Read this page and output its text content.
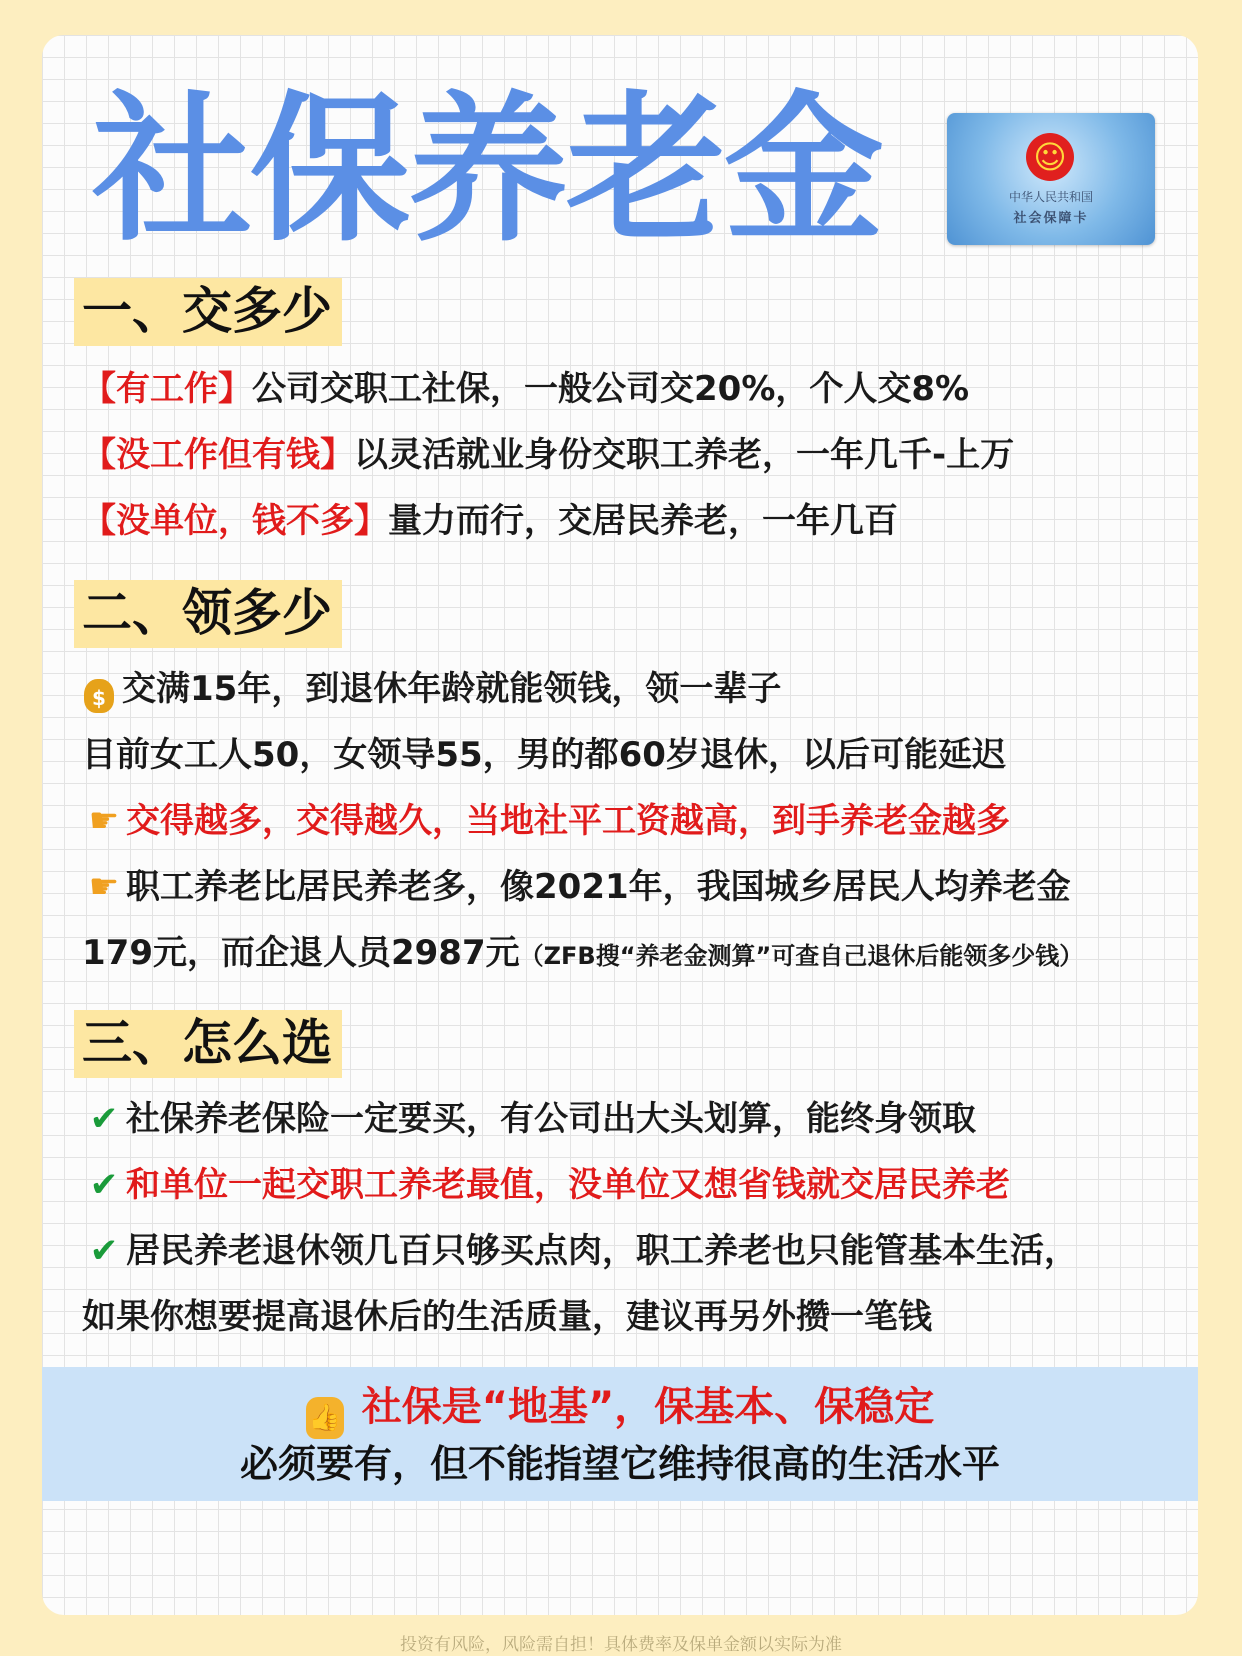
社保养老金	☺
中华人民共和国
社会保障卡
一、交多少
【有工作】公司交职工社保，一般公司交20%，个人交8%
【没工作但有钱】以灵活就业身份交职工养老，一年几千-上万
【没单位，钱不多】量力而行，交居民养老，一年几百
二、领多少
$ 交满15年，到退休年龄就能领钱，领一辈子
目前女工人50，女领导55，男的都60岁退休，以后可能延迟
☛ 交得越多，交得越久，当地社平工资越高，到手养老金越多
☛ 职工养老比居民养老多，像2021年，我国城乡居民人均养老金
179元，而企退人员2987元（ZFB搜“养老金测算”可查自己退休后能领多少钱）
三、怎么选
✔ 社保养老保险一定要买，有公司出大头划算，能终身领取
✔ 和单位一起交职工养老最值，没单位又想省钱就交居民养老
✔ 居民养老退休领几百只够买点肉，职工养老也只能管基本生活，
如果你想要提高退休后的生活质量，建议再另外攒一笔钱
👍 社保是“地基”，保基本、保稳定
必须要有，但不能指望它维持很高的生活水平
投资有风险，风险需自担！具体费率及保单金额以实际为准
